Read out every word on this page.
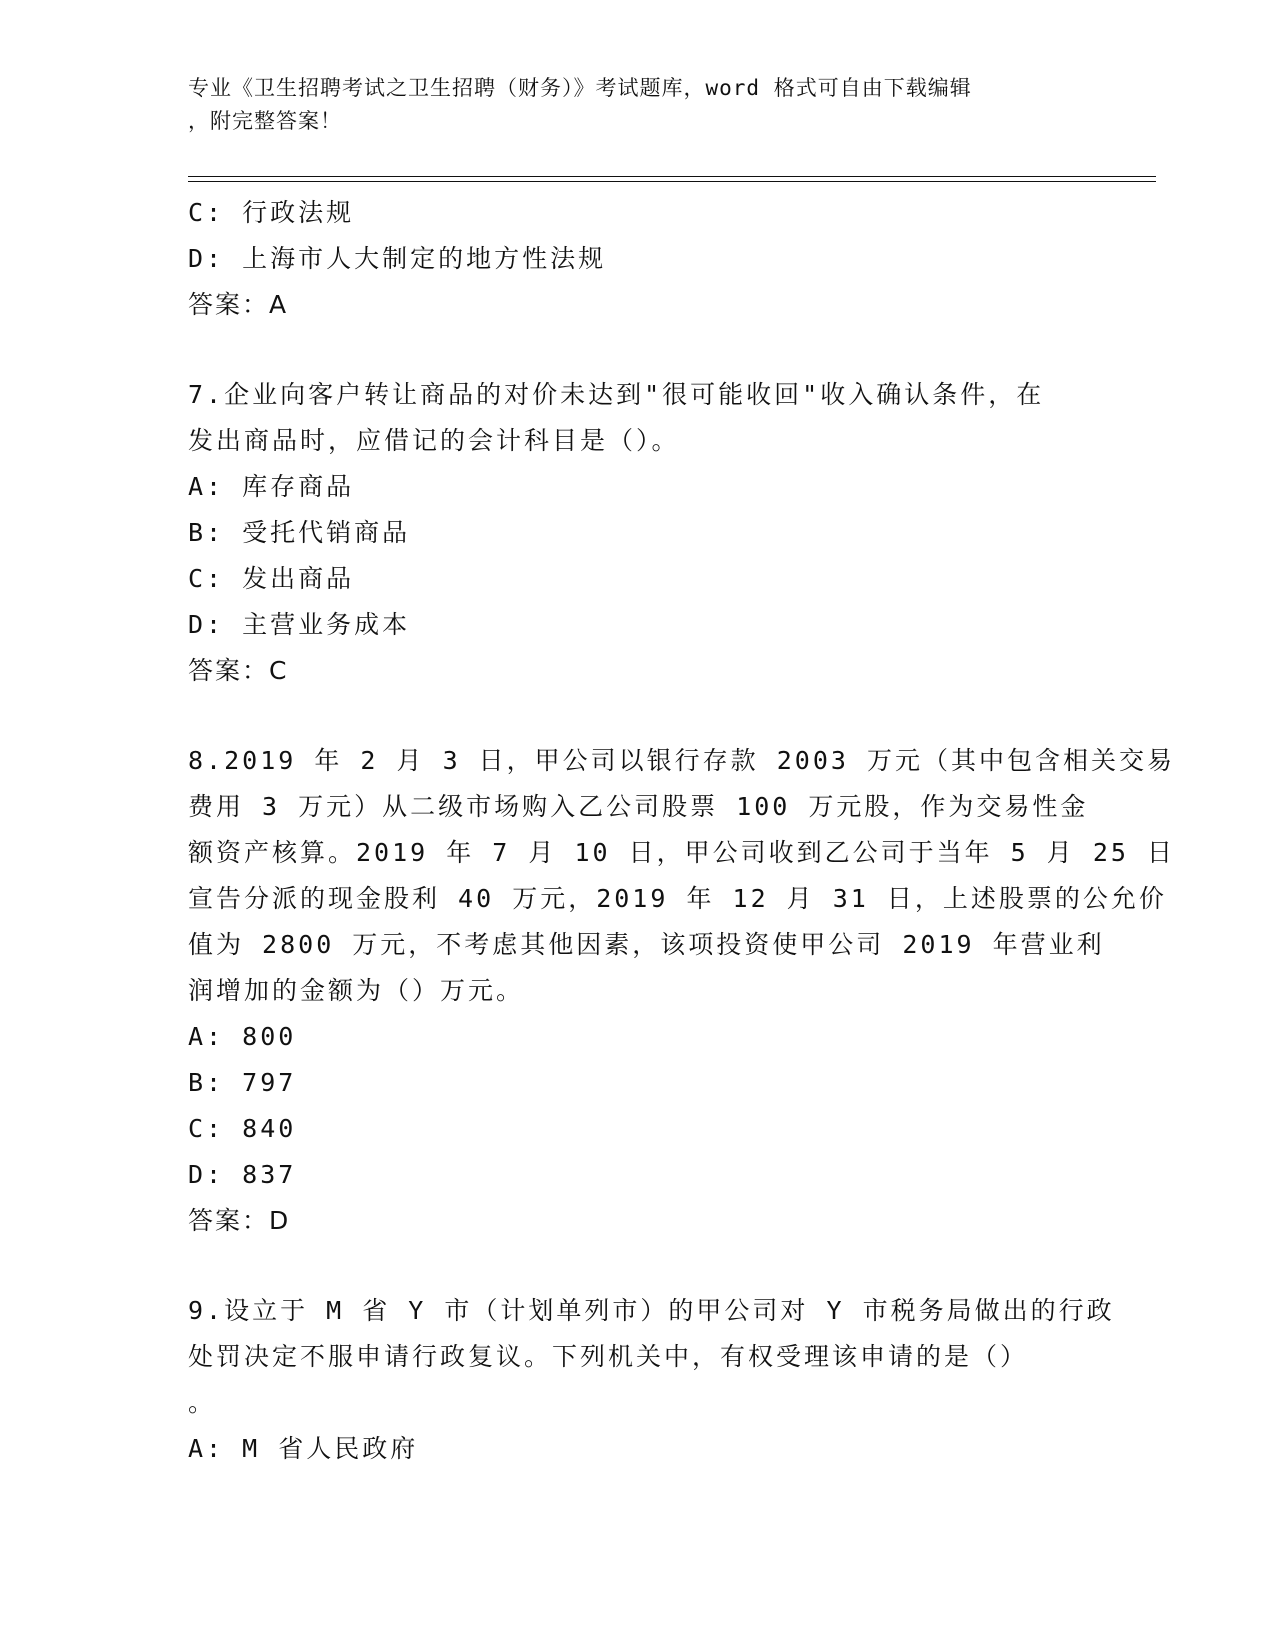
专业《卫生招聘考试之卫生招聘（财务）》考试题库，word 格式可自由下载编辑
，附完整答案！
C: 行政法规
D: 上海市人大制定的地方性法规
答案：A
7.企业向客户转让商品的对价未达到"很可能收回"收入确认条件，在
发出商品时，应借记的会计科目是（）。
A: 库存商品
B: 受托代销商品
C: 发出商品
D: 主营业务成本
答案：C
8.2019 年 2 月 3 日，甲公司以银行存款 2003 万元（其中包含相关交易
费用 3 万元）从二级市场购入乙公司股票 100 万元股，作为交易性金
额资产核算。2019 年 7 月 10 日，甲公司收到乙公司于当年 5 月 25 日
宣告分派的现金股利 40 万元，2019 年 12 月 31 日，上述股票的公允价
值为 2800 万元，不考虑其他因素，该项投资使甲公司 2019 年营业利
润增加的金额为（）万元。
A: 800
B: 797
C: 840
D: 837
答案：D
9.设立于 M 省 Y 市（计划单列市）的甲公司对 Y 市税务局做出的行政
处罚决定不服申请行政复议。下列机关中，有权受理该申请的是（）
。
A: M 省人民政府
